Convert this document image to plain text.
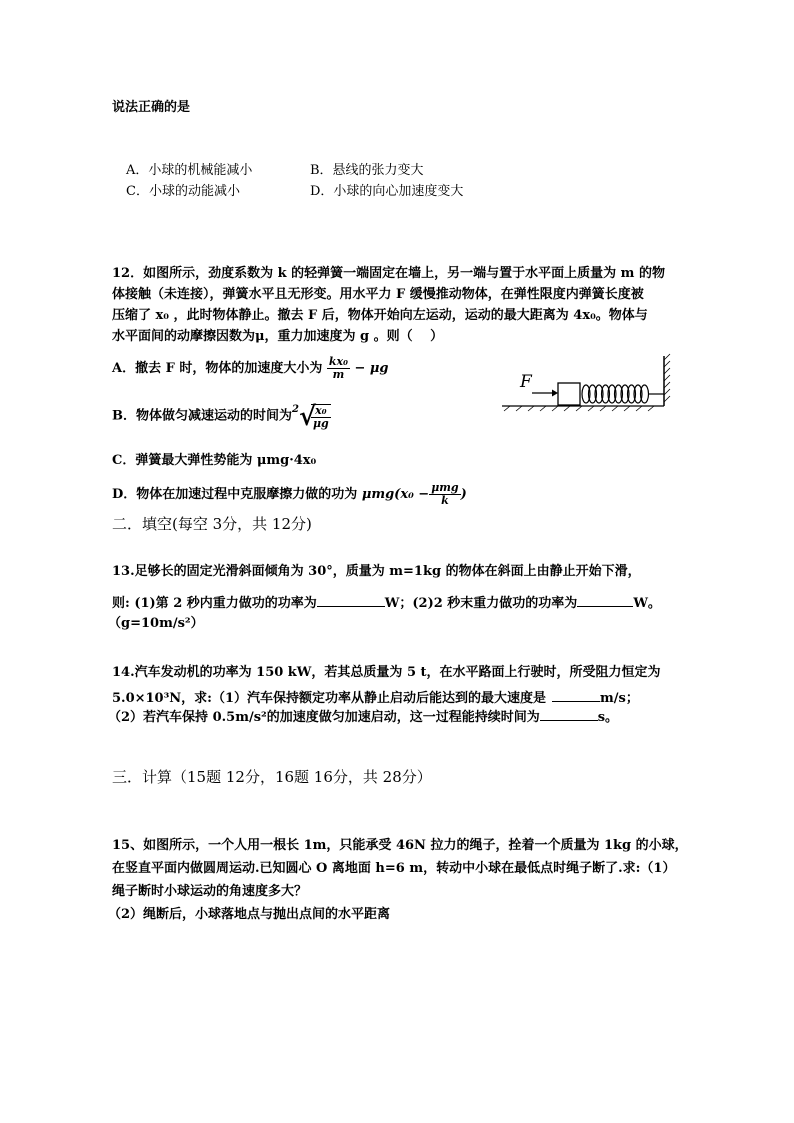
说法正确的是
A．小球的机械能减小	B．悬线的张力变大
C．小球的动能减小	D．小球的向心加速度变大
12．如图所示，劲度系数为 k 的轻弹簧一端固定在墙上，另一端与置于水平面上质量为 m 的物
体接触（未连接），弹簧水平且无形变。用水平力 F 缓慢推动物体，在弹性限度内弹簧长度被
压缩了 x₀ ，此时物体静止。撤去 F 后，物体开始向左运动，运动的最大距离为 4x₀。物体与
水平面间的动摩擦因数为μ，重力加速度为 g 。则（　 ）
A．撤去 F 时，物体的加速度大小为 $\frac{\text{kx₀}}{m} - \mu g$
B．物体做匀减速运动的时间为$^2$ √
$\frac{\text{x₀}}{\mu g}$
C．弹簧最大弹性势能为 μmg·4x₀
D．物体在加速过程中克服摩擦力做的功为 $\mu mg(x_0 - \frac{\text{μmg}}{k}$ )
F
二．填空(每空 3分，共 12分)
13.足够长的固定光滑斜面倾角为 30°，质量为 m=1kg 的物体在斜面上由静止开始下滑，
则: (1)第 2 秒内重力做功的功率为	W；(2)2 秒末重力做功的功率为	W。
（g=10m/s²）
14.汽车发动机的功率为 150 kW，若其总质量为 5 t，在水平路面上行驶时，所受阻力恒定为
5.0×10³N，求:（1）汽车保持额定功率从静止启动后能达到的最大速度是	m/s；
（2）若汽车保持 0.5m/s²的加速度做匀加速启动，这一过程能持续时间为	s。
三．计算（15题 12分，16题 16分，共 28分）
15、如图所示，一个人用一根长 1m，只能承受 46N 拉力的绳子，拴着一个质量为 1kg 的小球，
在竖直平面内做圆周运动.已知圆心 O 离地面 h=6 m，转动中小球在最低点时绳子断了.求:（1）
绳子断时小球运动的角速度多大？
（2）绳断后，小球落地点与抛出点间的水平距离
